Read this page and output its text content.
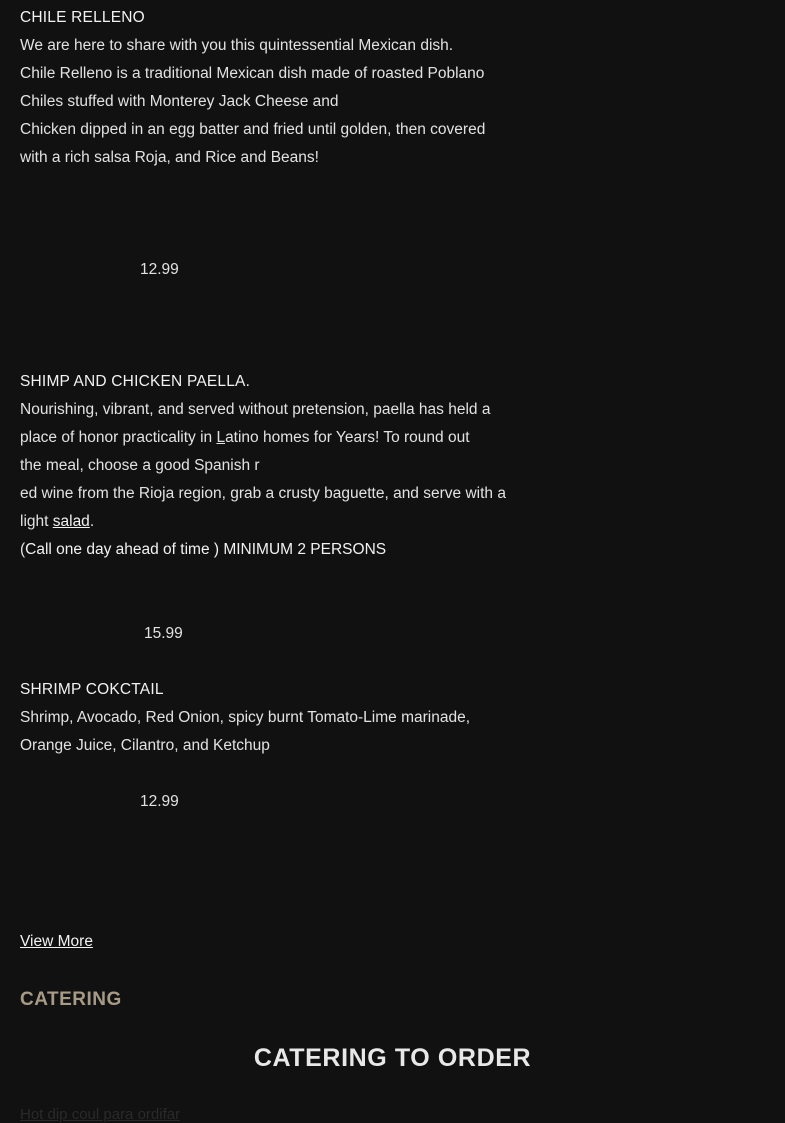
CHILE RELLENO
We are here to share with you this quintessential Mexican dish.
Chile Relleno is a traditional Mexican dish made of roasted Poblano
Chiles stuffed with Monterey Jack Cheese and
Chicken dipped in an egg batter and fried until golden, then covered
with a rich salsa Roja, and Rice and Beans!
12.99
SHIMP AND CHICKEN PAELLA.
Nourishing, vibrant, and served without pretension, paella has held a
place of honor practicality in Latino homes for Years! To round out
the meal, choose a good Spanish r
ed wine from the Rioja region, grab a crusty baguette, and serve with a
light salad.
(Call one day ahead of time ) MINIMUM 2 PERSONS
15.99
SHRIMP COKCTAIL
Shrimp, Avocado, Red Onion, spicy burnt Tomato-Lime marinade,
Orange Juice, Cilantro, and Ketchup
12.99
View More
CATERING
CATERING TO ORDER
Hot dip coul para ordifar
